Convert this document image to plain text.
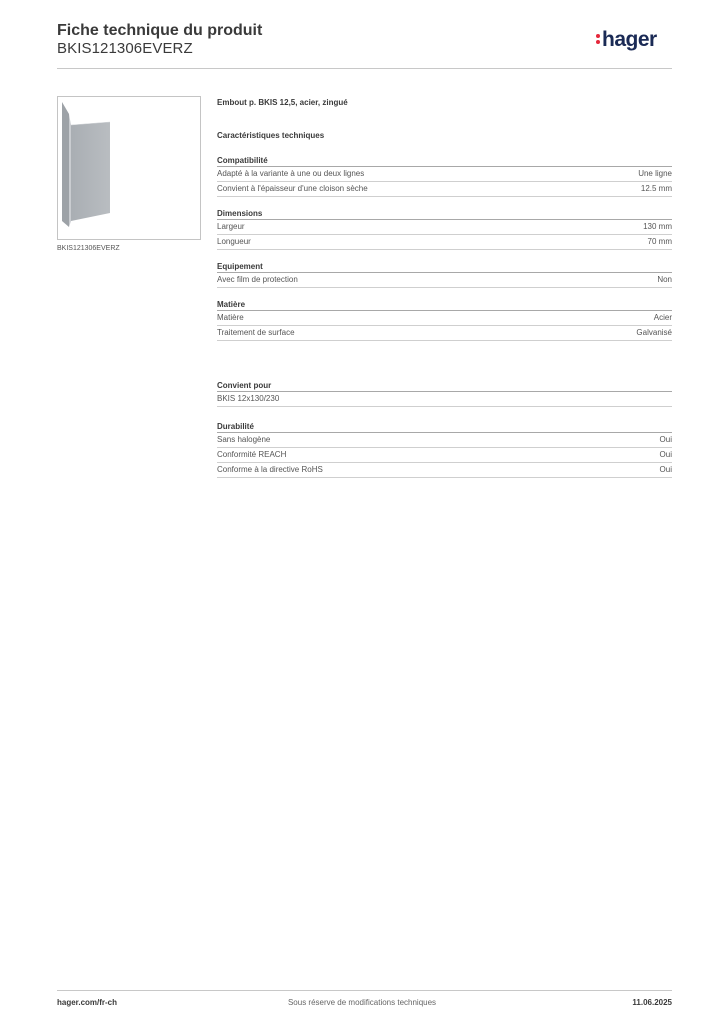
Fiche technique du produit
BKIS121306EVERZ	hager
BKIS121306EVERZ
Embout p. BKIS 12,5, acier, zingué
Caractéristiques techniques
Compatibilité
Adapté à la variante à une ou deux lignes	Une ligne
Convient à l'épaisseur d'une cloison sèche	12.5 mm
Dimensions
Largeur	130 mm
Longueur	70 mm
Equipement
Avec film de protection	Non
Matière
Matière	Acier
Traitement de surface	Galvanisé
Convient pour
BKIS 12x130/230
Durabilité
Sans halogène	Oui
Conformité REACH	Oui
Conforme à la directive RoHS	Oui
hager.com/fr-ch	Sous réserve de modifications techniques	11.06.2025
